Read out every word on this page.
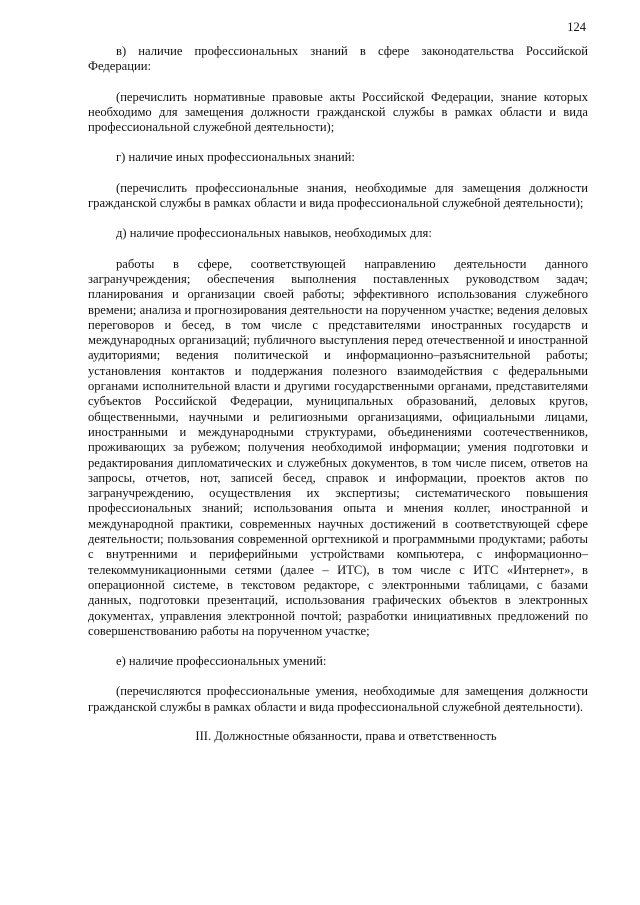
124

в) наличие профессиональных знаний в сфере законодательства Российской Федерации:

(перечислить нормативные правовые акты Российской Федерации, знание которых необходимо для замещения должности гражданской службы в рамках области и вида профессиональной служебной деятельности);

г) наличие иных профессиональных знаний:

(перечислить профессиональные знания, необходимые для замещения должности гражданской службы в рамках области и вида профессиональной служебной деятельности);

д) наличие профессиональных навыков, необходимых для:

работы в сфере, соответствующей направлению деятельности данного загранучреждения; обеспечения выполнения поставленных руководством задач; планирования и организации своей работы; эффективного использования служебного времени; анализа и прогнозирования деятельности на порученном участке; ведения деловых переговоров и бесед, в том числе с представителями иностранных государств и международных организаций; публичного выступления перед отечественной и иностранной аудиториями; ведения политической и информационно–разъяснительной работы; установления контактов и поддержания полезного взаимодействия с федеральными органами исполнительной власти и другими государственными органами, представителями субъектов Российской Федерации, муниципальных образований, деловых кругов, общественными, научными и религиозными организациями, официальными лицами, иностранными и международными структурами, объединениями соотечественников, проживающих за рубежом; получения необходимой информации; умения подготовки и редактирования дипломатических и служебных документов, в том числе писем, ответов на запросы, отчетов, нот, записей бесед, справок и информации, проектов актов по загранучреждению, осуществления их экспертизы; систематического повышения профессиональных знаний; использования опыта и мнения коллег, иностранной и международной практики, современных научных достижений в соответствующей сфере деятельности; пользования современной оргтехникой и программными продуктами; работы с внутренними и периферийными устройствами компьютера, с информационно–телекоммуникационными сетями (далее – ИТС), в том числе с ИТС «Интернет», в операционной системе, в текстовом редакторе, с электронными таблицами, с базами данных, подготовки презентаций, использования графических объектов в электронных документах, управления электронной почтой; разработки инициативных предложений по совершенствованию работы на порученном участке;

е) наличие профессиональных умений:

(перечисляются профессиональные умения, необходимые для замещения должности гражданской службы в рамках области и вида профессиональной служебной деятельности).

III. Должностные обязанности, права и ответственность
